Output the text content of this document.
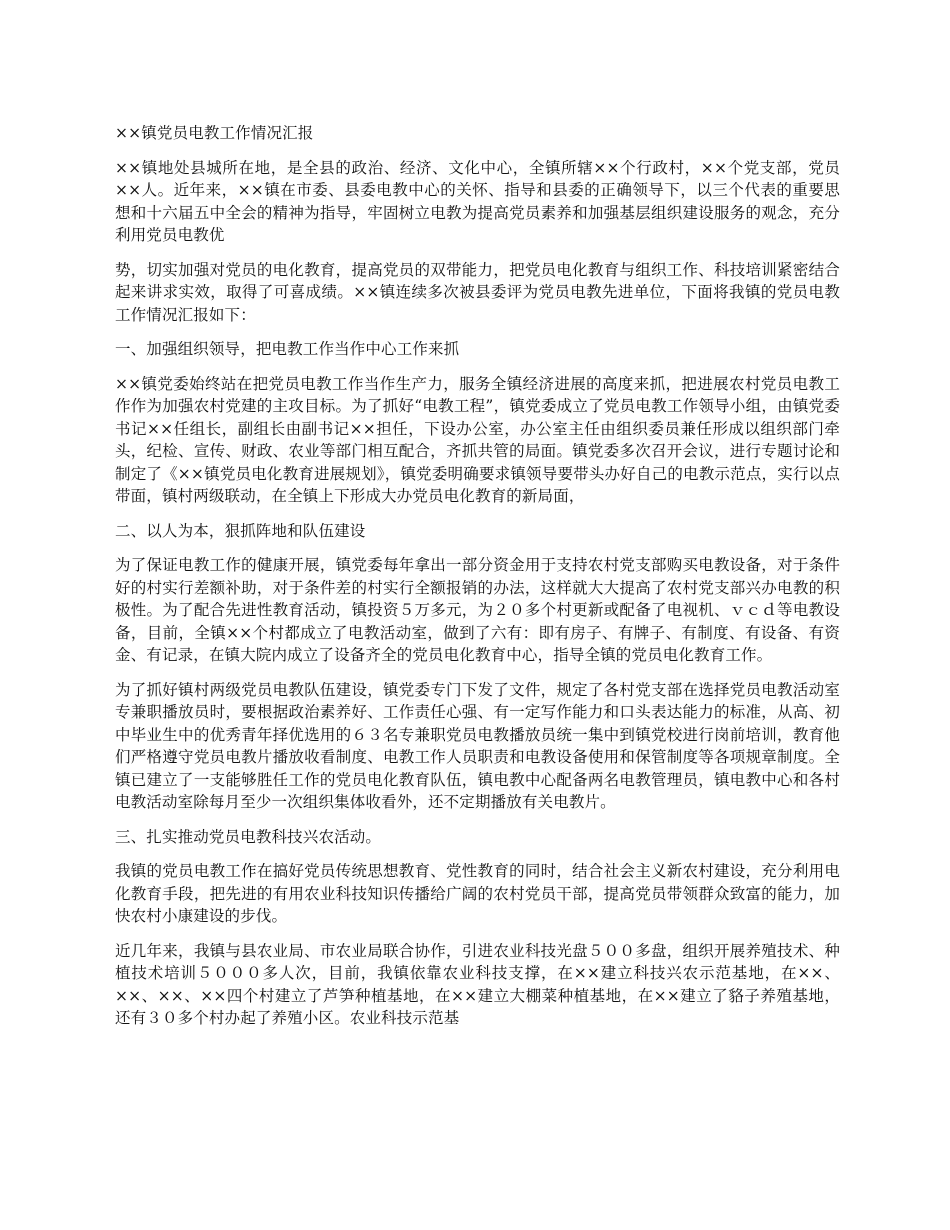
××镇党员电教工作情况汇报

××镇地处县城所在地，是全县的政治、经济、文化中心，全镇所辖××个行政村，××个党支部，党员××人。近年来，××镇在市委、县委电教中心的关怀、指导和县委的正确领导下，以三个代表的重要思想和十六届五中全会的精神为指导，牢固树立电教为提高党员素养和加强基层组织建设服务的观念，充分利用党员电教优

势，切实加强对党员的电化教育，提高党员的双带能力，把党员电化教育与组织工作、科技培训紧密结合起来讲求实效，取得了可喜成绩。××镇连续多次被县委评为党员电教先进单位，下面将我镇的党员电教工作情况汇报如下：

一、加强组织领导，把电教工作当作中心工作来抓

××镇党委始终站在把党员电教工作当作生产力，服务全镇经济进展的高度来抓，把进展农村党员电教工作作为加强农村党建的主攻目标。为了抓好“电教工程”，镇党委成立了党员电教工作领导小组，由镇党委书记××任组长，副组长由副书记××担任，下设办公室，办公室主任由组织委员兼任形成以组织部门牵头，纪检、宣传、财政、农业等部门相互配合，齐抓共管的局面。镇党委多次召开会议，进行专题讨论和制定了《××镇党员电化教育进展规划》，镇党委明确要求镇领导要带头办好自己的电教示范点，实行以点带面，镇村两级联动，在全镇上下形成大办党员电化教育的新局面，

二、以人为本，狠抓阵地和队伍建设

为了保证电教工作的健康开展，镇党委每年拿出一部分资金用于支持农村党支部购买电教设备，对于条件好的村实行差额补助，对于条件差的村实行全额报销的办法，这样就大大提高了农村党支部兴办电教的积极性。为了配合先进性教育活动，镇投资５万多元，为２０多个村更新或配备了电视机、ｖｃｄ等电教设备，目前，全镇××个村都成立了电教活动室，做到了六有：即有房子、有牌子、有制度、有设备、有资金、有记录，在镇大院内成立了设备齐全的党员电化教育中心，指导全镇的党员电化教育工作。

为了抓好镇村两级党员电教队伍建设，镇党委专门下发了文件，规定了各村党支部在选择党员电教活动室专兼职播放员时，要根据政治素养好、工作责任心强、有一定写作能力和口头表达能力的标准，从高、初中毕业生中的优秀青年择优选用的６３名专兼职党员电教播放员统一集中到镇党校进行岗前培训，教育他们严格遵守党员电教片播放收看制度、电教工作人员职责和电教设备使用和保管制度等各项规章制度。全镇已建立了一支能够胜任工作的党员电化教育队伍，镇电教中心配备两名电教管理员，镇电教中心和各村电教活动室除每月至少一次组织集体收看外，还不定期播放有关电教片。

三、扎实推动党员电教科技兴农活动。

我镇的党员电教工作在搞好党员传统思想教育、党性教育的同时，结合社会主义新农村建设，充分利用电化教育手段，把先进的有用农业科技知识传播给广阔的农村党员干部，提高党员带领群众致富的能力，加快农村小康建设的步伐。

近几年来，我镇与县农业局、市农业局联合协作，引进农业科技光盘５００多盘，组织开展养殖技术、种植技术培训５０００多人次，目前，我镇依靠农业科技支撑，在××建立科技兴农示范基地，在××、××、××、××四个村建立了芦笋种植基地，在××建立大棚菜种植基地，在××建立了貉子养殖基地，还有３０多个村办起了养殖小区。农业科技示范基
